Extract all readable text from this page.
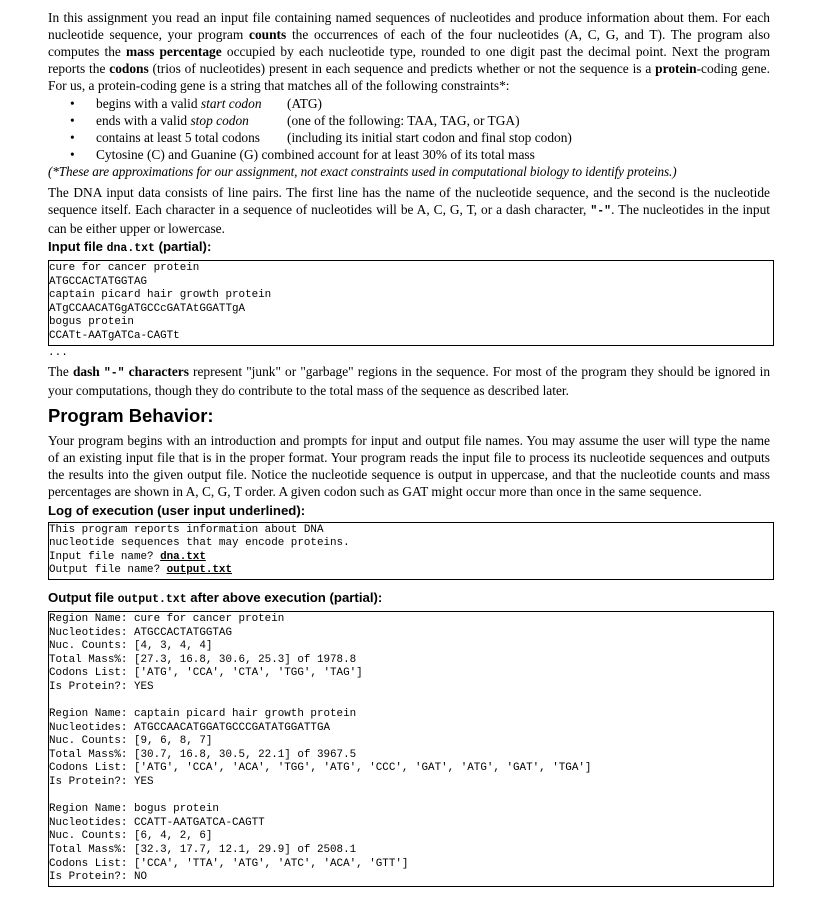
In this assignment you read an input file containing named sequences of nucleotides and produce information about them. For each nucleotide sequence, your program counts the occurrences of each of the four nucleotides (A, C, G, and T). The program also computes the mass percentage occupied by each nucleotide type, rounded to one digit past the decimal point. Next the program reports the codons (trios of nucleotides) present in each sequence and predicts whether or not the sequence is a protein-coding gene. For us, a protein-coding gene is a string that matches all of the following constraints*:

• begins with a valid start codon (ATG)
• ends with a valid stop codon	(one of the following: TAA, TAG, or TGA)
• contains at least 5 total codons (including its initial start codon and final stop codon)
• Cytosine (C) and Guanine (G) combined account for at least 30% of its total mass

(*These are approximations for our assignment, not exact constraints used in computational biology to identify proteins.)

The DNA input data consists of line pairs. The first line has the name of the nucleotide sequence, and the second is the nucleotide sequence itself. Each character in a sequence of nucleotides will be A, C, G, T, or a dash character, "-". The nucleotides in the input can be either upper or lowercase.

Input file dna.txt (partial):
cure for cancer protein
ATGCCACTATGGTAG
captain picard hair growth protein
ATgCCAACATGgATGCCcGATAtGGATTgA
bogus protein
CCATt-AATgATCa-CAGTt
...

The dash "-" characters represent "junk" or "garbage" regions in the sequence. For most of the program they should be ignored in your computations, though they do contribute to the total mass of the sequence as described later.

Program Behavior:

Your program begins with an introduction and prompts for input and output file names. You may assume the user will type the name of an existing input file that is in the proper format. Your program reads the input file to process its nucleotide sequences and outputs the results into the given output file. Notice the nucleotide sequence is output in uppercase, and that the nucleotide counts and mass percentages are shown in A, C, G, T order. A given codon such as GAT might occur more than once in the same sequence.

Log of execution (user input underlined):
This program reports information about DNA
nucleotide sequences that may encode proteins.
Input file name? dna.txt
Output file name? output.txt
Output file output.txt after above execution (partial):
Region Name: cure for cancer protein
Nucleotides: ATGCCACTATGGTAG
Nuc. Counts: [4, 3, 4, 4]
Total Mass%: [27.3, 16.8, 30.6, 25.3] of 1978.8
Codons List: ['ATG', 'CCA', 'CTA', 'TGG', 'TAG']
Is Protein?: YES
Region Name: captain picard hair growth protein
Nucleotides: ATGCCAACATGGATGCCCGATATGGATTGA
Nuc. Counts: [9, 6, 8, 7]
Total Mass%: [30.7, 16.8, 30.5, 22.1] of 3967.5
Codons List: ['ATG', 'CCA', 'ACA', 'TGG', 'ATG', 'CCC', 'GAT', 'ATG', 'GAT', 'TGA']
Is Protein?: YES
Region Name: bogus protein
Nucleotides: CCATT-AATGATCA-CAGTT
Nuc. Counts: [6, 4, 2, 6]
Total Mass%: [32.3, 17.7, 12.1, 29.9] of 2508.1
Codons List: ['CCA', 'TTA', 'ATG', 'ATC', 'ACA', 'GTT']
Is Protein?: NO
